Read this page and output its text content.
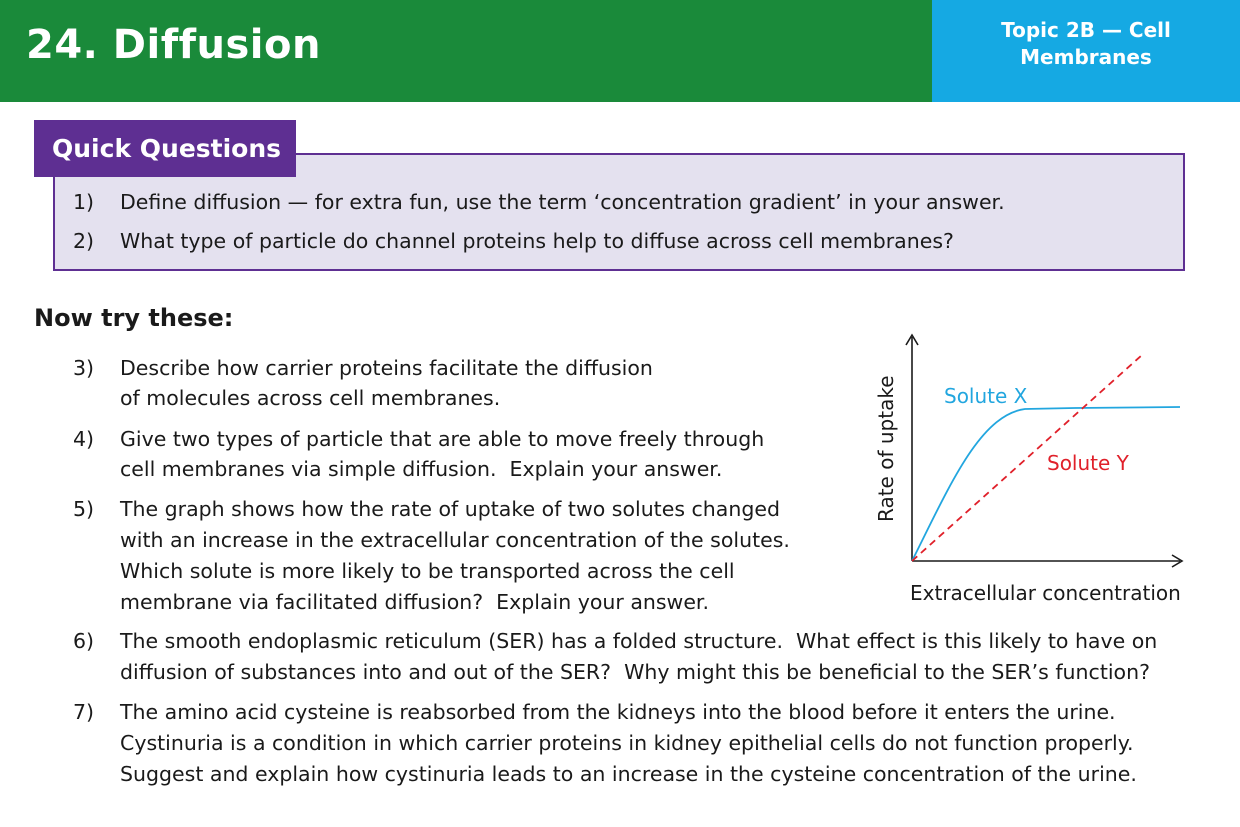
24. Diffusion	Topic 2B — Cell
Membranes
Quick Questions
1) Define diffusion — for extra fun, use the term ‘concentration gradient’ in your answer.
2) What type of particle do channel proteins help to diffuse across cell membranes?
Now try these:
3) Describe how carrier proteins facilitate the diffusion
of molecules across cell membranes.
4) Give two types of particle that are able to move freely through
cell membranes via simple diffusion.  Explain your answer.
5) The graph shows how the rate of uptake of two solutes changed
with an increase in the extracellular concentration of the solutes.
Which solute is more likely to be transported across the cell
membrane via facilitated diffusion?  Explain your answer.
6) The smooth endoplasmic reticulum (SER) has a folded structure.  What effect is this likely to have on
diffusion of substances into and out of the SER?  Why might this be beneficial to the SER’s function?
7) The amino acid cysteine is reabsorbed from the kidneys into the blood before it enters the urine.
Cystinuria is a condition in which carrier proteins in kidney epithelial cells do not function properly.
Suggest and explain how cystinuria leads to an increase in the cysteine concentration of the urine.
Solute X
Solute Y
Extracellular concentration
Rate of uptake
